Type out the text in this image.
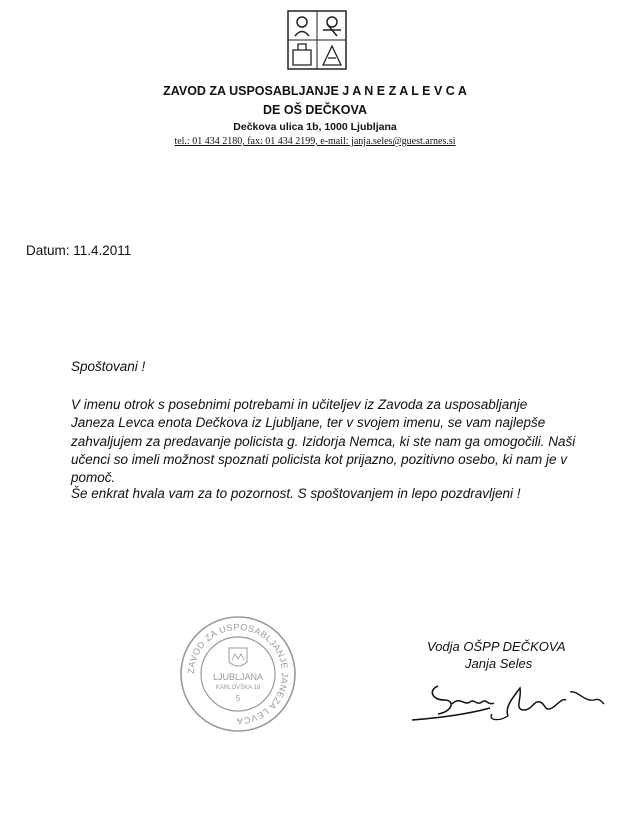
ZAVOD ZA USPOSABLJANJE J A N E Z A L E V C A
DE OŠ DEČKOVA
Dečkova ulica 1b, 1000 Ljubljana
tel.: 01 434 2180, fax: 01 434 2199, e-mail: janja.seles@guest.arnes.si
Datum: 11.4.2011
Spoštovani !
V imenu otrok s posebnimi potrebami in učiteljev iz Zavoda za usposabljanje
Janeza Levca enota Dečkova iz Ljubljane, ter v svojem imenu, se vam najlepše
zahvaljujem za predavanje policista g. Izidorja Nemca, ki ste nam ga omogočili. Naši
učenci so imeli možnost spoznati policista kot prijazno, pozitivno osebo, ki nam je v
pomoč.
Še enkrat hvala vam za to pozornost. S spoštovanjem in lepo pozdravljeni !
ZAVOD ZA USPOSABLJANJE JANEZA LEVCA
LJUBLJANA
KARLOVŠKA 18
5
Vodja OŠPP DEČKOVA
Janja Seles
